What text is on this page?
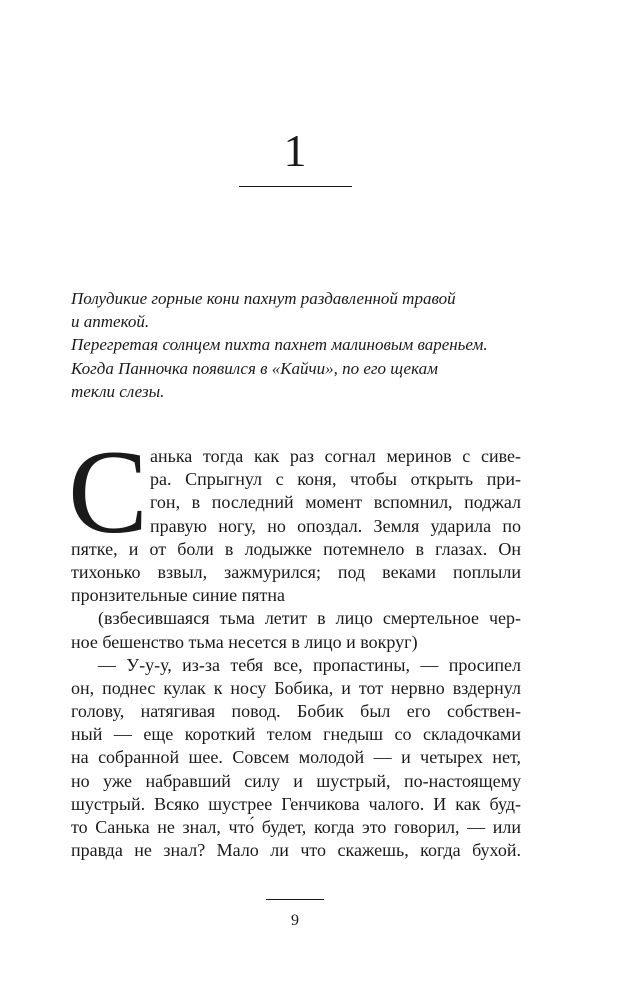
1
Полудикие горные кони пахнут раздавленной травой
и аптекой.
Перегретая солнцем пихта пахнет малиновым вареньем.
Когда Панночка появился в «Кайчи», по его щекам
текли слезы.
С анька тогда как раз согнал меринов с сиве-
ра. Спрыгнул с коня, чтобы открыть при-
гон, в последний момент вспомнил, поджал
правую ногу, но опоздал. Земля ударила по
пятке, и от боли в лодыжке потемнело в глазах. Он
тихонько взвыл, зажмурился; под веками поплыли
пронзительные синие пятна
(взбесившаяся тьма летит в лицо смертельное чер-
ное бешенство тьма несется в лицо и вокруг)
— У-у-у, из-за тебя все, пропастины, — просипел
он, поднес кулак к носу Бобика, и тот нервно вздернул
голову, натягивая повод. Бобик был его собствен-
ный — еще короткий телом гнедыш со складочками
на собранной шее. Совсем молодой — и четырех нет,
но уже набравший силу и шустрый, по-настоящему
шустрый. Всяко шустрее Генчикова чалого. И как буд-
то Санька не знал, что́ будет, когда это говорил, — или
правда не знал? Мало ли что скажешь, когда бухой.
9
